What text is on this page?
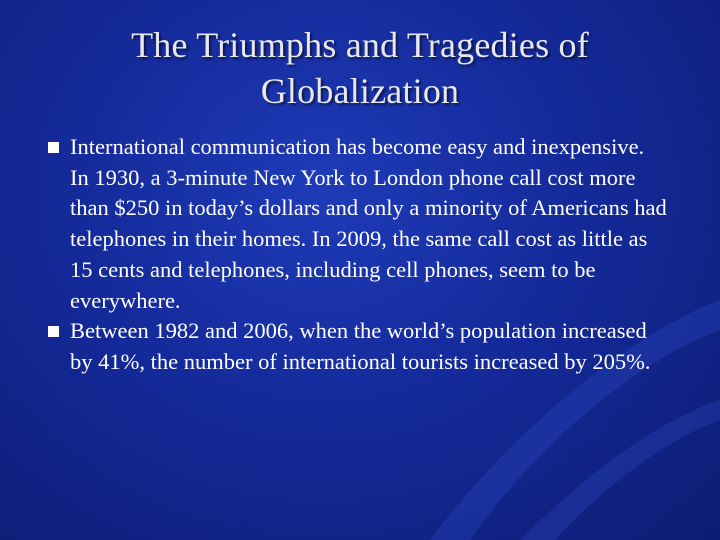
The Triumphs and Tragedies of Globalization
International communication has become easy and inexpensive. In 1930, a 3-minute New York to London phone call cost more than $250 in today’s dollars and only a minority of Americans had telephones in their homes. In 2009, the same call cost as little as 15 cents and telephones, including cell phones, seem to be everywhere.
Between 1982 and 2006, when the world’s population increased by 41%, the number of international tourists increased by 205%.
